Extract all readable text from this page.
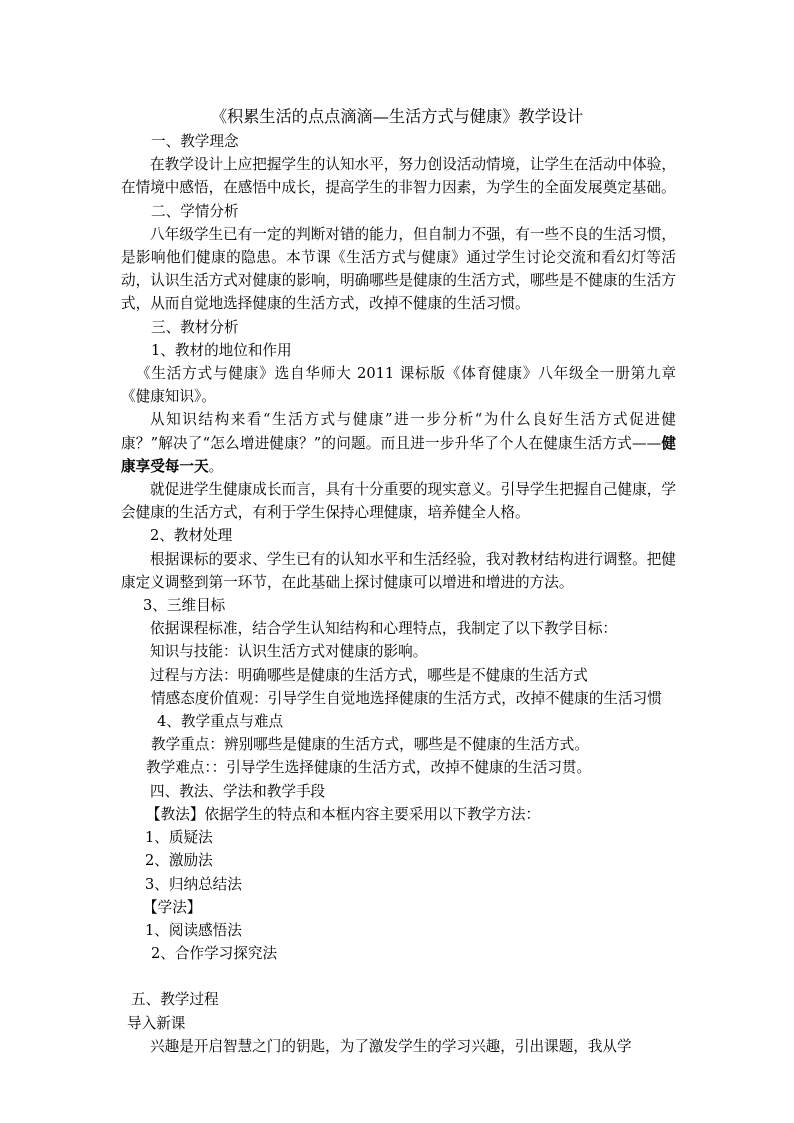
《积累生活的点点滴滴—生活方式与健康》教学设计

一、教学理念

在教学设计上应把握学生的认知水平，努力创设活动情境，让学生在活动中体验，在情境中感悟，在感悟中成长，提高学生的非智力因素，为学生的全面发展奠定基础。

二、学情分析

八年级学生已有一定的判断对错的能力，但自制力不强，有一些不良的生活习惯，是影响他们健康的隐患。本节课《生活方式与健康》通过学生讨论交流和看幻灯等活动，认识生活方式对健康的影响，明确哪些是健康的生活方式，哪些是不健康的生活方式，从而自觉地选择健康的生活方式，改掉不健康的生活习惯。

三、教材分析

1、教材的地位和作用

《生活方式与健康》选自华师大 2011 课标版《体育健康》八年级全一册第九章《健康知识》。

从知识结构来看“生活方式与健康”进一步分析“为什么良好生活方式促进健康？”解决了“怎么增进健康？”的问题。而且进一步升华了个人在健康生活方式——健康享受每一天。

就促进学生健康成长而言，具有十分重要的现实意义。引导学生把握自己健康，学会健康的生活方式，有利于学生保持心理健康，培养健全人格。

2、教材处理

根据课标的要求、学生已有的认知水平和生活经验，我对教材结构进行调整。把健康定义调整到第一环节，在此基础上探讨健康可以增进和增进的方法。

3、三维目标

依据课程标准，结合学生认知结构和心理特点，我制定了以下教学目标：

知识与技能：认识生活方式对健康的影响。

过程与方法：明确哪些是健康的生活方式，哪些是不健康的生活方式

情感态度价值观：引导学生自觉地选择健康的生活方式，改掉不健康的生活习惯

4、教学重点与难点

教学重点：辨别哪些是健康的生活方式，哪些是不健康的生活方式。

教学难点：：引导学生选择健康的生活方式，改掉不健康的生活习贯。

四、教法、学法和教学手段

【教法】依据学生的特点和本框内容主要采用以下教学方法：

1、质疑法

2、激励法

3、归纳总结法

【学法】

1、阅读感悟法

2、合作学习探究法

五、教学过程

导入新课

兴趣是开启智慧之门的钥匙，为了激发学生的学习兴趣，引出课题，我从学
